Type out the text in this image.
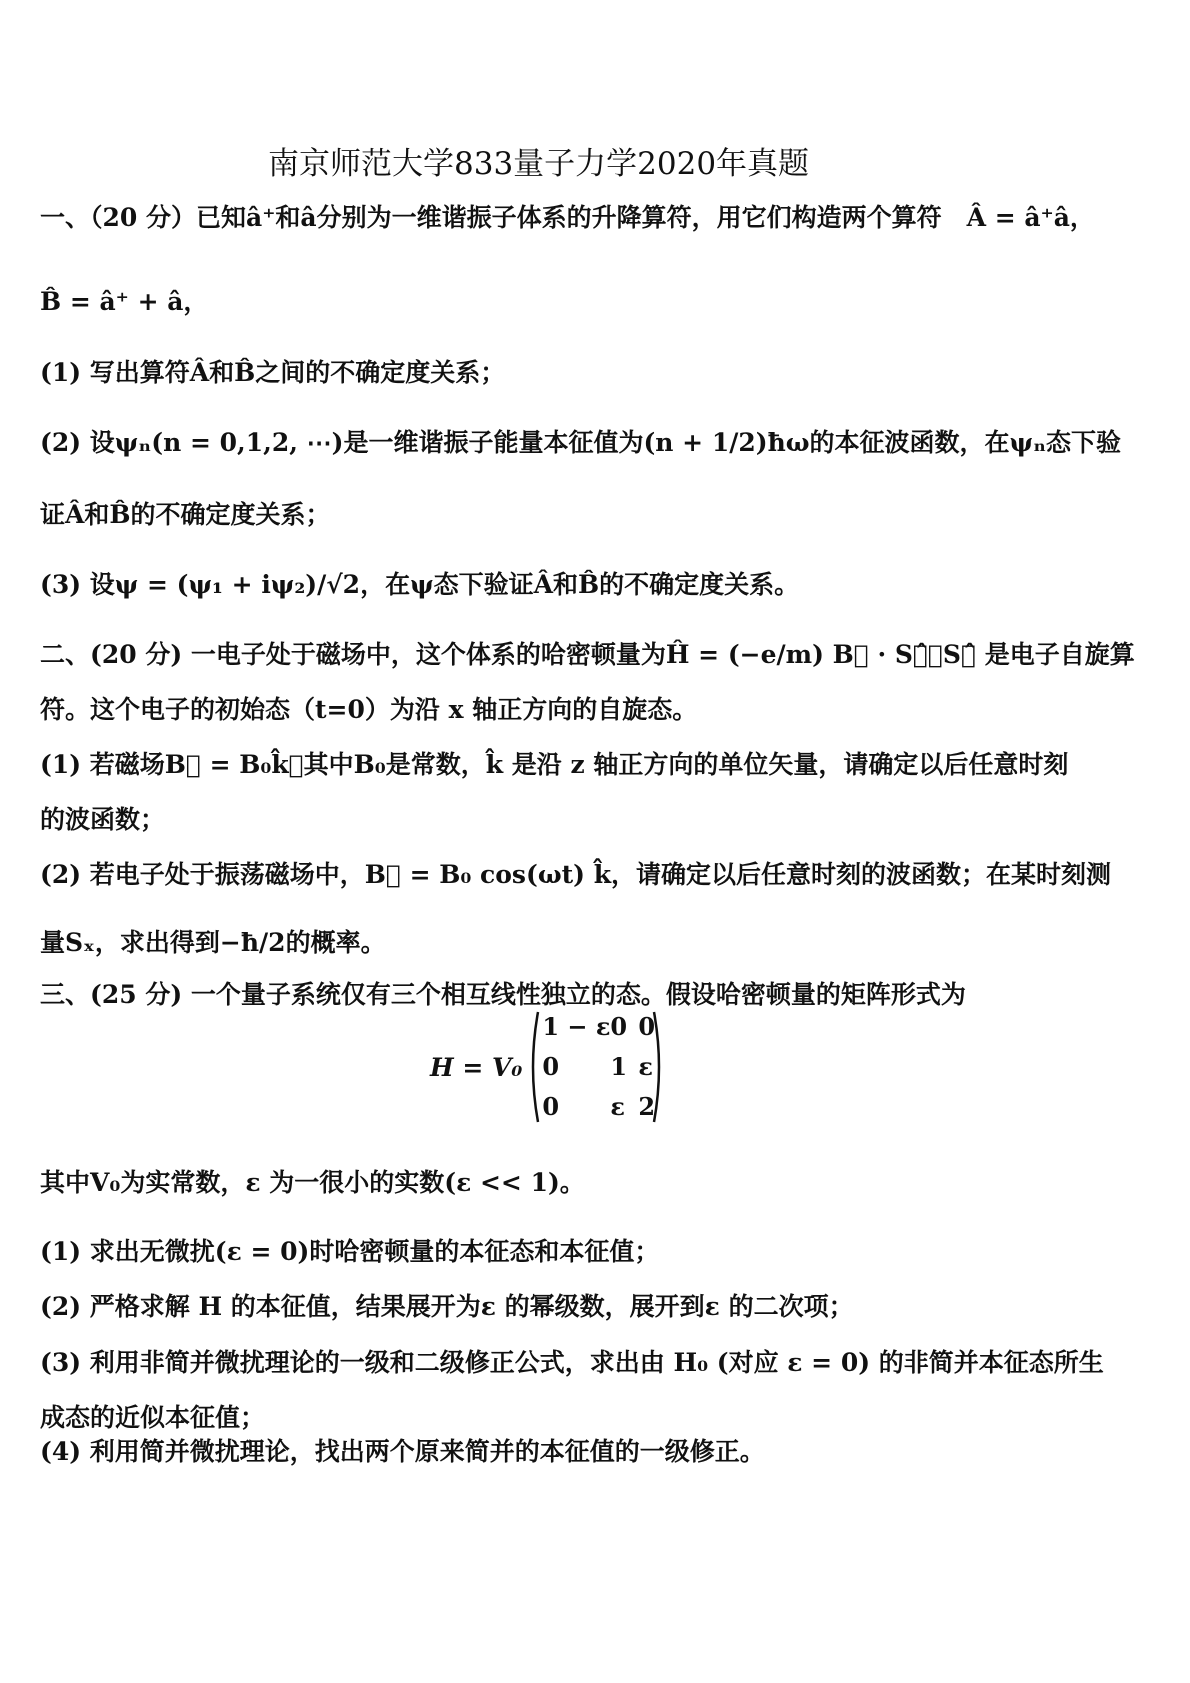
南京师范大学833量子力学2020年真题
一、（20 分）已知â⁺和â分别为一维谐振子体系的升降算符，用它们构造两个算符　Â = â⁺â，
B̂ = â⁺ + â，
(1) 写出算符Â和B̂之间的不确定度关系；
(2) 设ψₙ(n = 0,1,2, ⋯)是一维谐振子能量本征值为(n + 1/2)ħω的本征波函数，在ψₙ态下验
证Â和B̂的不确定度关系；
(3) 设ψ = (ψ₁ + iψ₂)/√2，在ψ态下验证Â和B̂的不确定度关系。
二、(20 分) 一电子处于磁场中，这个体系的哈密顿量为Ĥ = (−e/m) B⃗ · S⃗̂，S⃗̂ 是电子自旋算
符。这个电子的初始态（t=0）为沿 x 轴正方向的自旋态。
(1) 若磁场B⃗ = B₀k̂，其中B₀是常数，k̂ 是沿 z 轴正方向的单位矢量，请确定以后任意时刻
的波函数；
(2) 若电子处于振荡磁场中，B⃗ = B₀ cos(ωt) k̂，请确定以后任意时刻的波函数；在某时刻测
量Sₓ，求出得到−ħ/2的概率。
三、(25 分) 一个量子系统仅有三个相互线性独立的态。假设哈密顿量的矩阵形式为
H = V₀
1 − ε 0 0
0 1 ε
0 ε 2
其中V₀为实常数，ε 为一很小的实数(ε << 1)。
(1) 求出无微扰(ε = 0)时哈密顿量的本征态和本征值；
(2) 严格求解 H 的本征值，结果展开为ε 的幂级数，展开到ε 的二次项；
(3) 利用非简并微扰理论的一级和二级修正公式，求出由 H₀ (对应 ε = 0) 的非简并本征态所生
成态的近似本征值；
(4) 利用简并微扰理论，找出两个原来简并的本征值的一级修正。
